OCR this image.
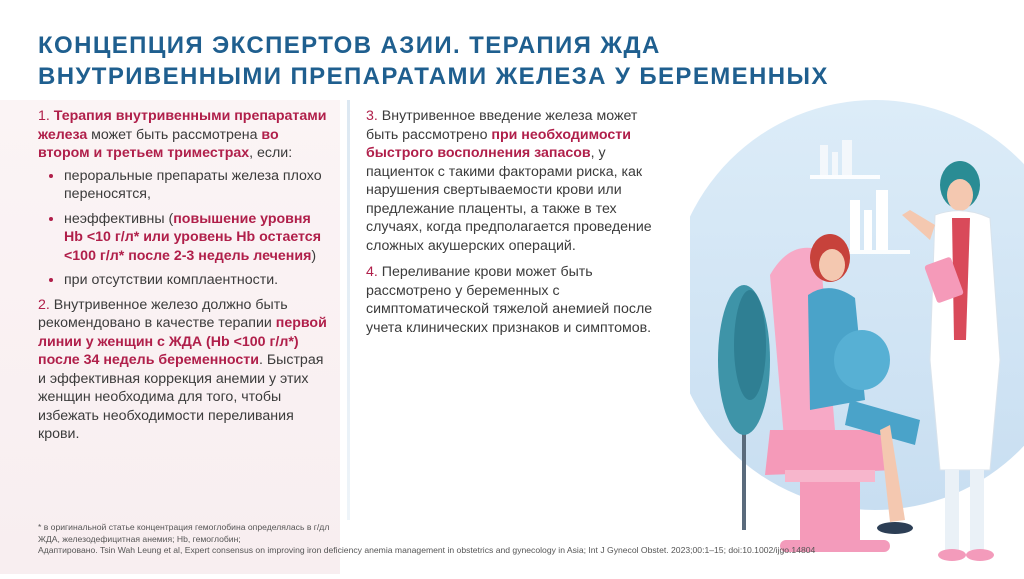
КОНЦЕПЦИЯ ЭКСПЕРТОВ АЗИИ. ТЕРАПИЯ ЖДА
ВНУТРИВЕННЫМИ ПРЕПАРАТАМИ ЖЕЛЕЗА У БЕРЕМЕННЫХ

1. Терапия внутривенными препаратами железа может быть рассмотрена во втором и третьем триместрах, если:

• пероральные препараты железа плохо переносятся,
• неэффективны (повышение уровня Hb <10 г/л* или уровень Hb остается <100 г/л* после 2-3 недель лечения)
• при отсутствии комплаентности.

2. Внутривенное железо должно быть рекомендовано в качестве терапии первой линии у женщин с ЖДА (Hb <100 г/л*) после 34 недель беременности. Быстрая и эффективная коррекция анемии у этих женщин необходима для того, чтобы избежать необходимости переливания крови.

3. Внутривенное введение железа может быть рассмотрено при необходимости быстрого восполнения запасов, у пациенток с такими факторами риска, как нарушения свертываемости крови или предлежание плаценты, а также в тех случаях, когда предполагается проведение сложных акушерских операций.

4. Переливание крови может быть рассмотрено у беременных с симптоматической тяжелой анемией после учета клинических признаков и симптомов.

* в оригинальной статье концентрация гемоглобина определялась в г/дл
ЖДА, железодефицитная анемия; Hb, гемоглобин;
Адаптировано. Tsin Wah Leung et al, Expert consensus on improving iron deficiency anemia management in obstetrics and gynecology in Asia; Int J Gynecol Obstet. 2023;00:1–15; doi:10.1002/ijgo.14804
